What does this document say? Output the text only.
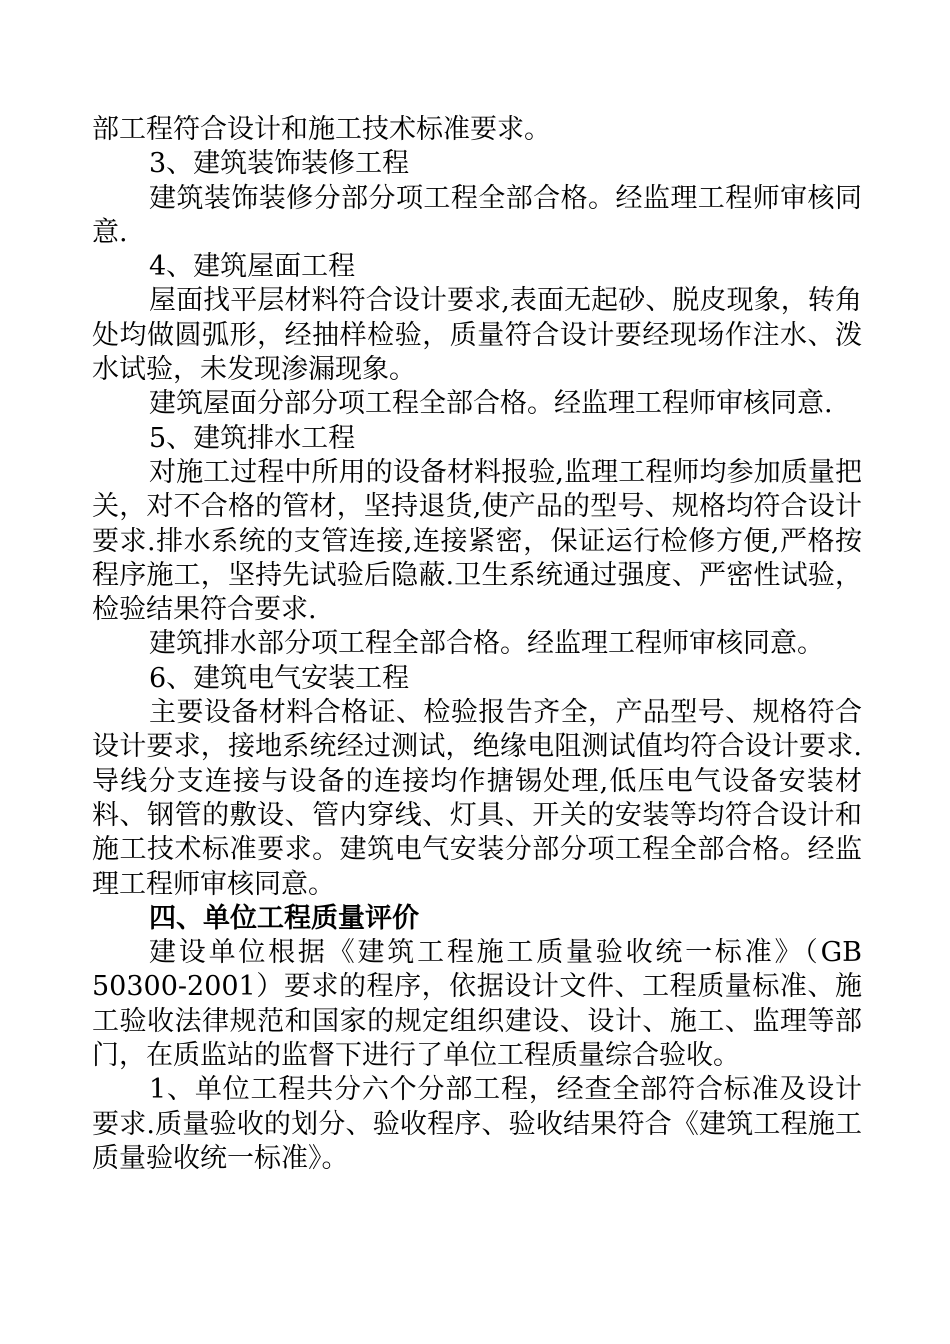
部工程符合设计和施工技术标准要求。

3、建筑装饰装修工程

建筑装饰装修分部分项工程全部合格。经监理工程师审核同意.

4、建筑屋面工程

屋面找平层材料符合设计要求,表面无起砂、脱皮现象，转角处均做圆弧形，经抽样检验，质量符合设计要经现场作注水、泼水试验，未发现渗漏现象。

建筑屋面分部分项工程全部合格。经监理工程师审核同意.

5、建筑排水工程

对施工过程中所用的设备材料报验,监理工程师均参加质量把关，对不合格的管材，坚持退货,使产品的型号、规格均符合设计要求.排水系统的支管连接,连接紧密，保证运行检修方便,严格按程序施工，坚持先试验后隐蔽.卫生系统通过强度、严密性试验，检验结果符合要求.

建筑排水部分项工程全部合格。经监理工程师审核同意。

6、建筑电气安装工程

主要设备材料合格证、检验报告齐全，产品型号、规格符合设计要求，接地系统经过测试，绝缘电阻测试值均符合设计要求.导线分支连接与设备的连接均作搪锡处理,低压电气设备安装材料、钢管的敷设、管内穿线、灯具、开关的安装等均符合设计和施工技术标准要求。建筑电气安装分部分项工程全部合格。经监理工程师审核同意。

四、单位工程质量评价

建设单位根据《建筑工程施工质量验收统一标准》（GB 50300-2001）要求的程序，依据设计文件、工程质量标准、施工验收法律规范和国家的规定组织建设、设计、施工、监理等部门，在质监站的监督下进行了单位工程质量综合验收。

1、单位工程共分六个分部工程，经查全部符合标准及设计要求.质量验收的划分、验收程序、验收结果符合《建筑工程施工质量验收统一标准》。
